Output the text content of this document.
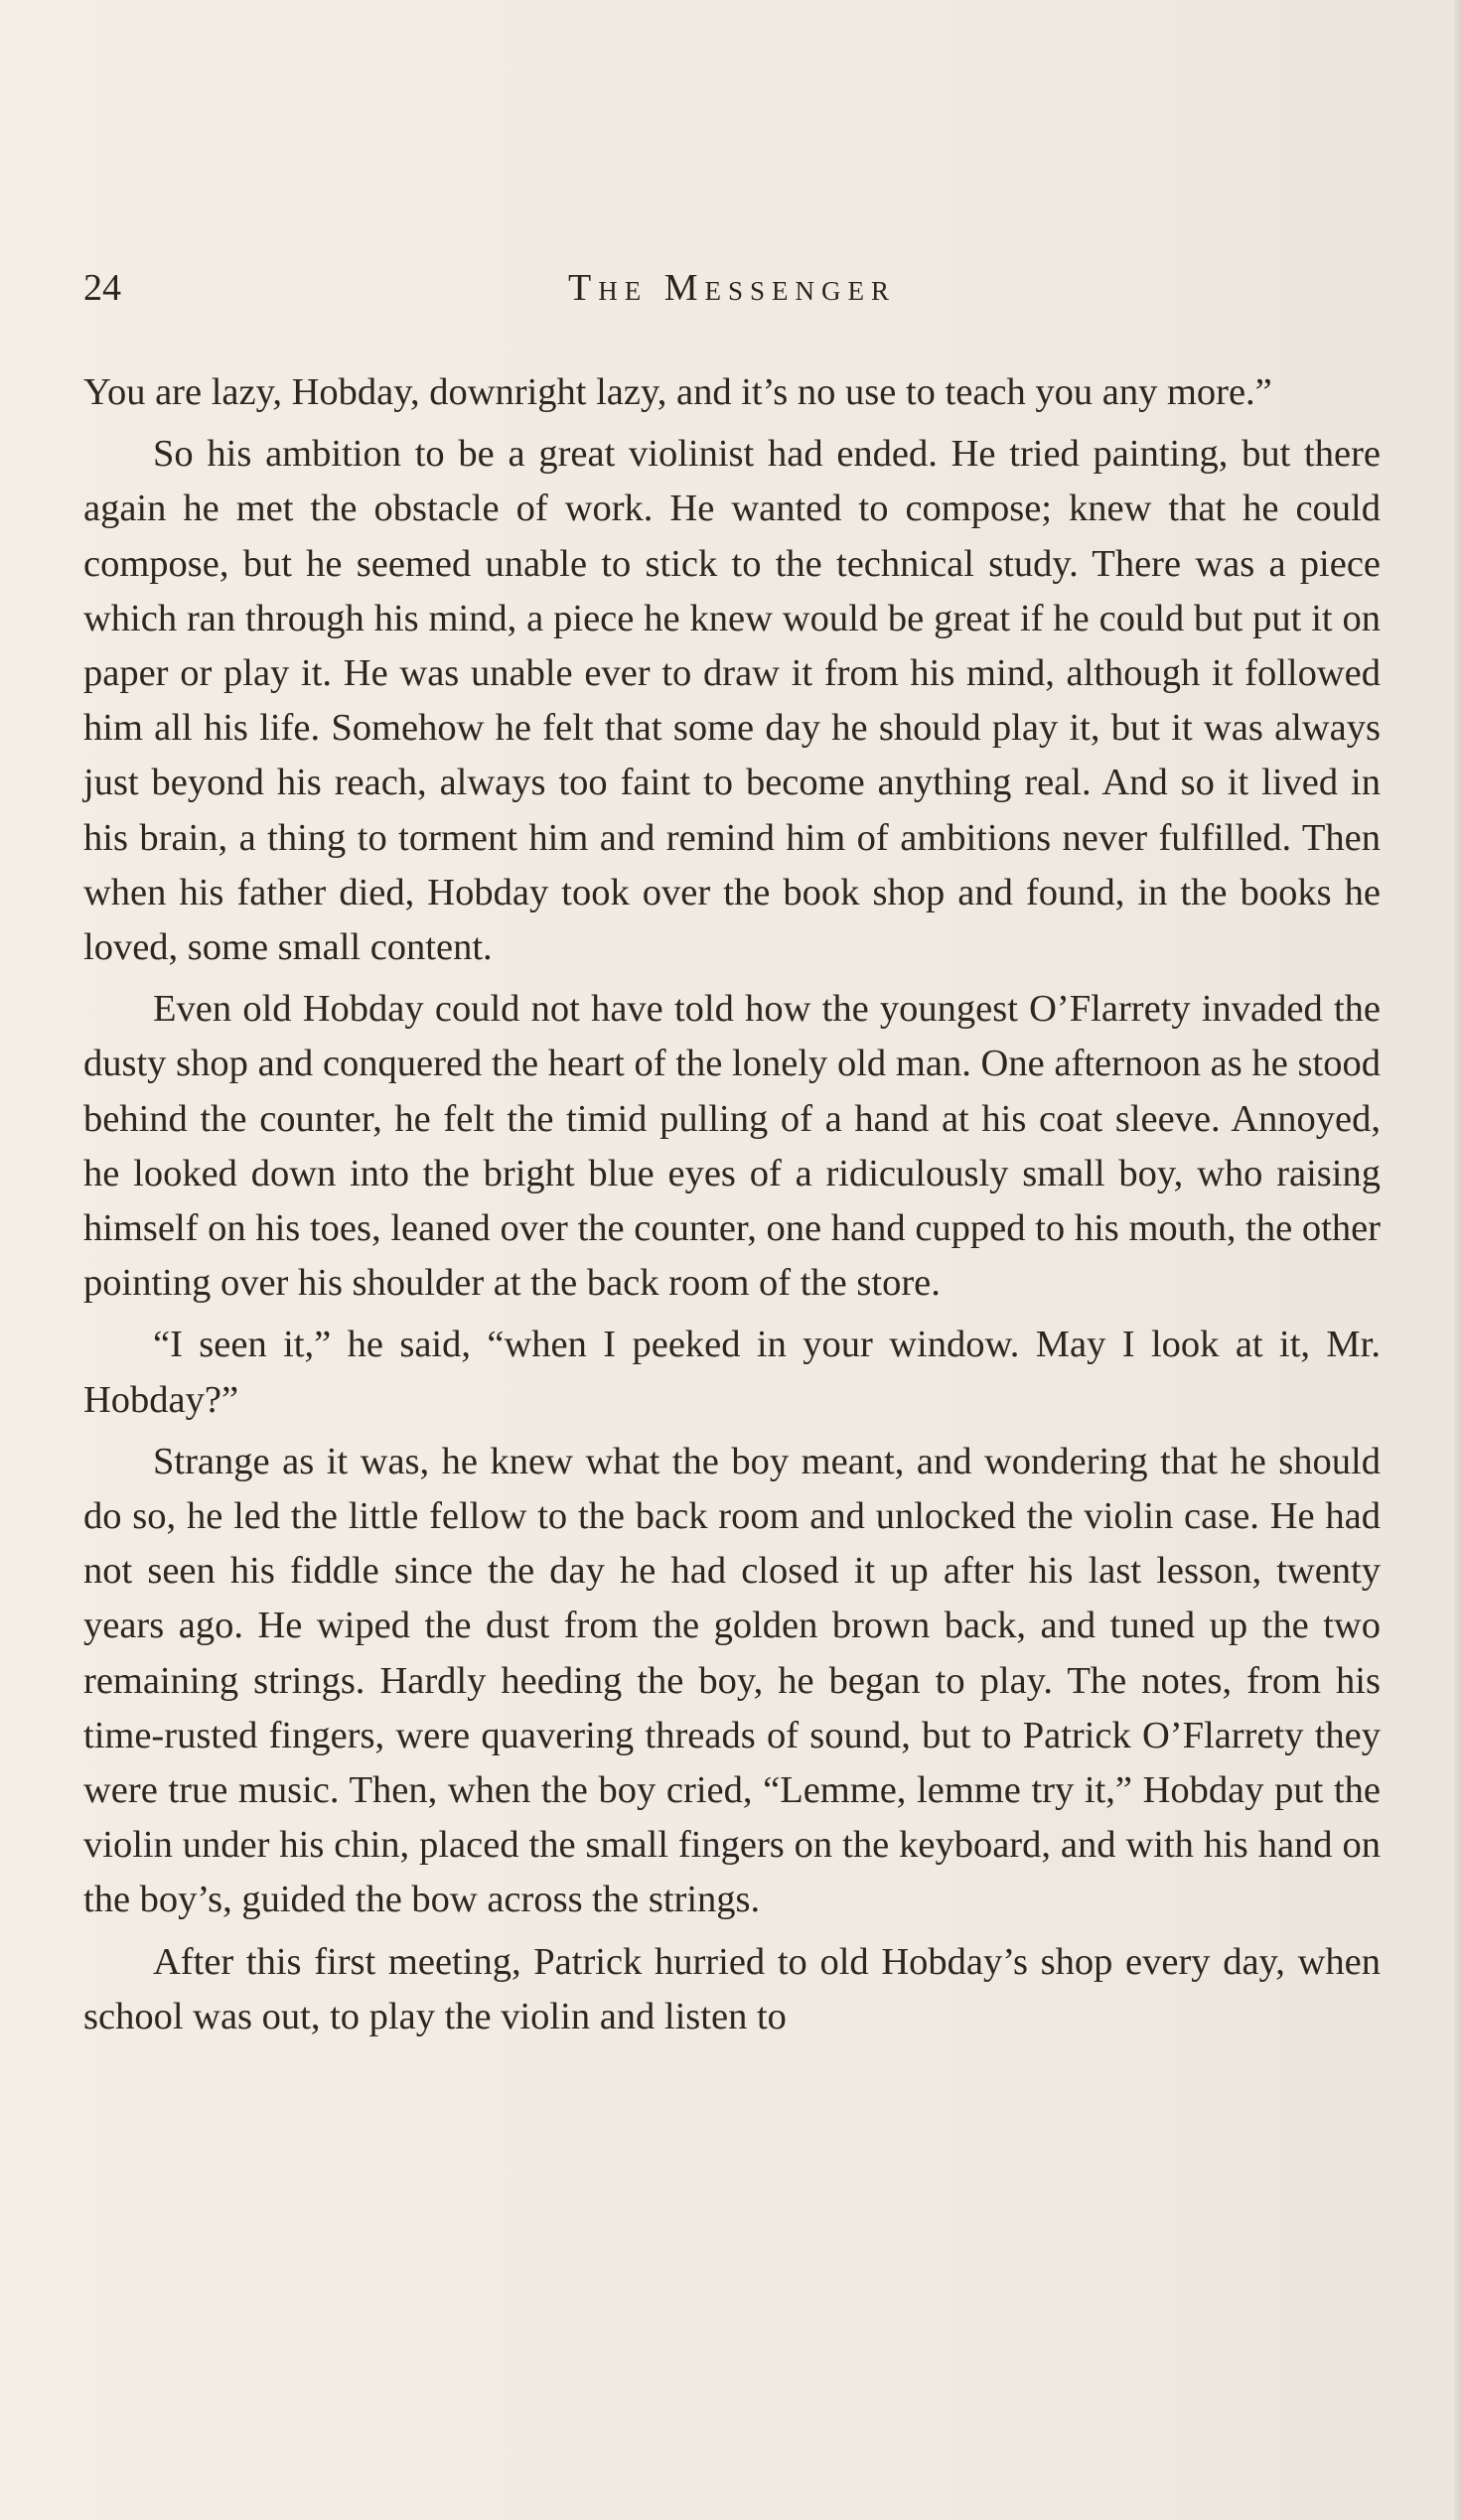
24	The Messenger

You are lazy, Hobday, downright lazy, and it’s no use to teach you any more.”

So his ambition to be a great violinist had ended. He tried painting, but there again he met the obstacle of work. He wanted to compose; knew that he could compose, but he seemed unable to stick to the technical study. There was a piece which ran through his mind, a piece he knew would be great if he could but put it on paper or play it. He was unable ever to draw it from his mind, although it followed him all his life. Somehow he felt that some day he should play it, but it was always just beyond his reach, always too faint to become anything real. And so it lived in his brain, a thing to torment him and remind him of ambitions never fulfilled. Then when his father died, Hobday took over the book shop and found, in the books he loved, some small content.

Even old Hobday could not have told how the youngest O’Flarrety invaded the dusty shop and conquered the heart of the lonely old man. One afternoon as he stood behind the counter, he felt the timid pulling of a hand at his coat sleeve. Annoyed, he looked down into the bright blue eyes of a ridiculously small boy, who raising himself on his toes, leaned over the counter, one hand cupped to his mouth, the other pointing over his shoulder at the back room of the store.

“I seen it,” he said, “when I peeked in your window. May I look at it, Mr. Hobday?”

Strange as it was, he knew what the boy meant, and wondering that he should do so, he led the little fellow to the back room and unlocked the violin case. He had not seen his fiddle since the day he had closed it up after his last lesson, twenty years ago. He wiped the dust from the golden brown back, and tuned up the two remaining strings. Hardly heeding the boy, he began to play. The notes, from his time-rusted fingers, were quavering threads of sound, but to Patrick O’Flarrety they were true music. Then, when the boy cried, “Lemme, lemme try it,” Hobday put the violin under his chin, placed the small fingers on the keyboard, and with his hand on the boy’s, guided the bow across the strings.

After this first meeting, Patrick hurried to old Hobday’s shop every day, when school was out, to play the violin and listen to
